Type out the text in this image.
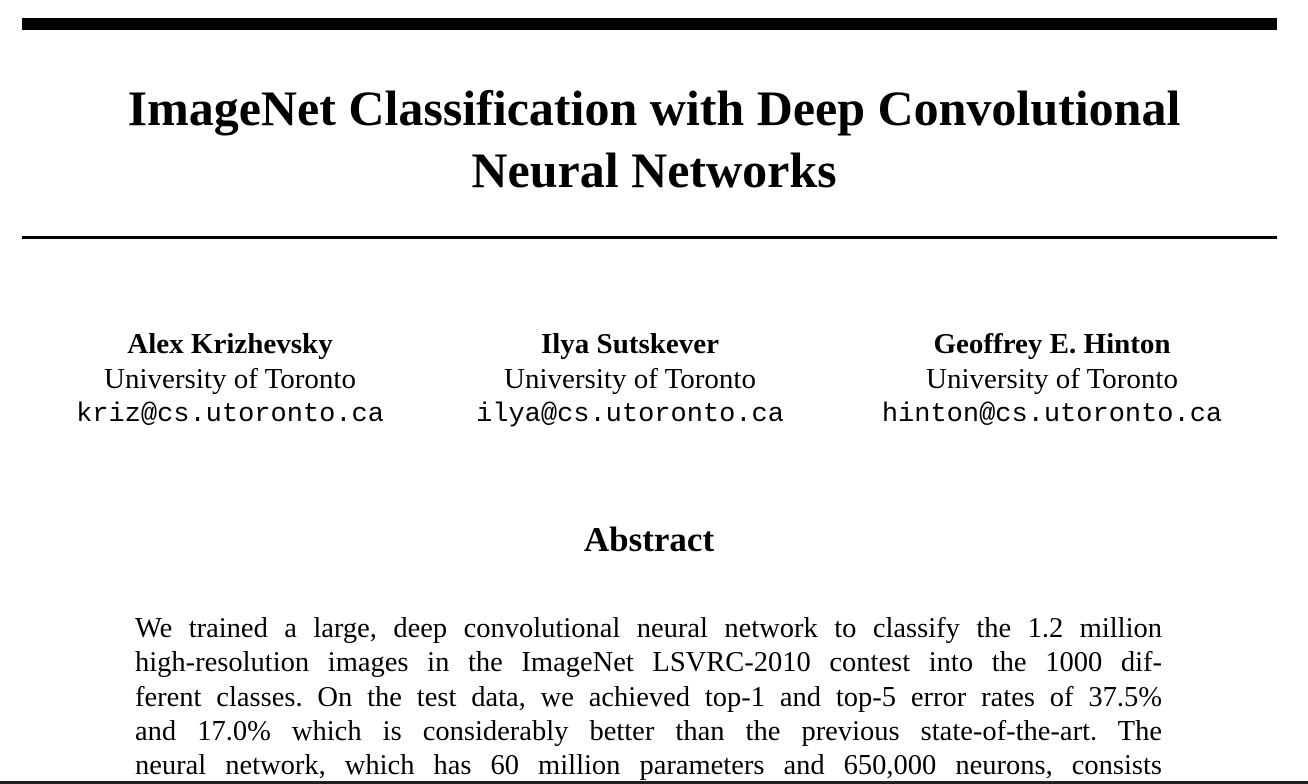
ImageNet Classification with Deep Convolutional
Neural Networks
Alex Krizhevsky
University of Toronto
kriz@cs.utoronto.ca
Ilya Sutskever
University of Toronto
ilya@cs.utoronto.ca
Geoffrey E. Hinton
University of Toronto
hinton@cs.utoronto.ca
Abstract
We trained a large, deep convolutional neural network to classify the 1.2 million
high-resolution images in the ImageNet LSVRC-2010 contest into the 1000 dif-
ferent classes. On the test data, we achieved top-1 and top-5 error rates of 37.5%
and 17.0% which is considerably better than the previous state-of-the-art. The
neural network, which has 60 million parameters and 650,000 neurons, consists
